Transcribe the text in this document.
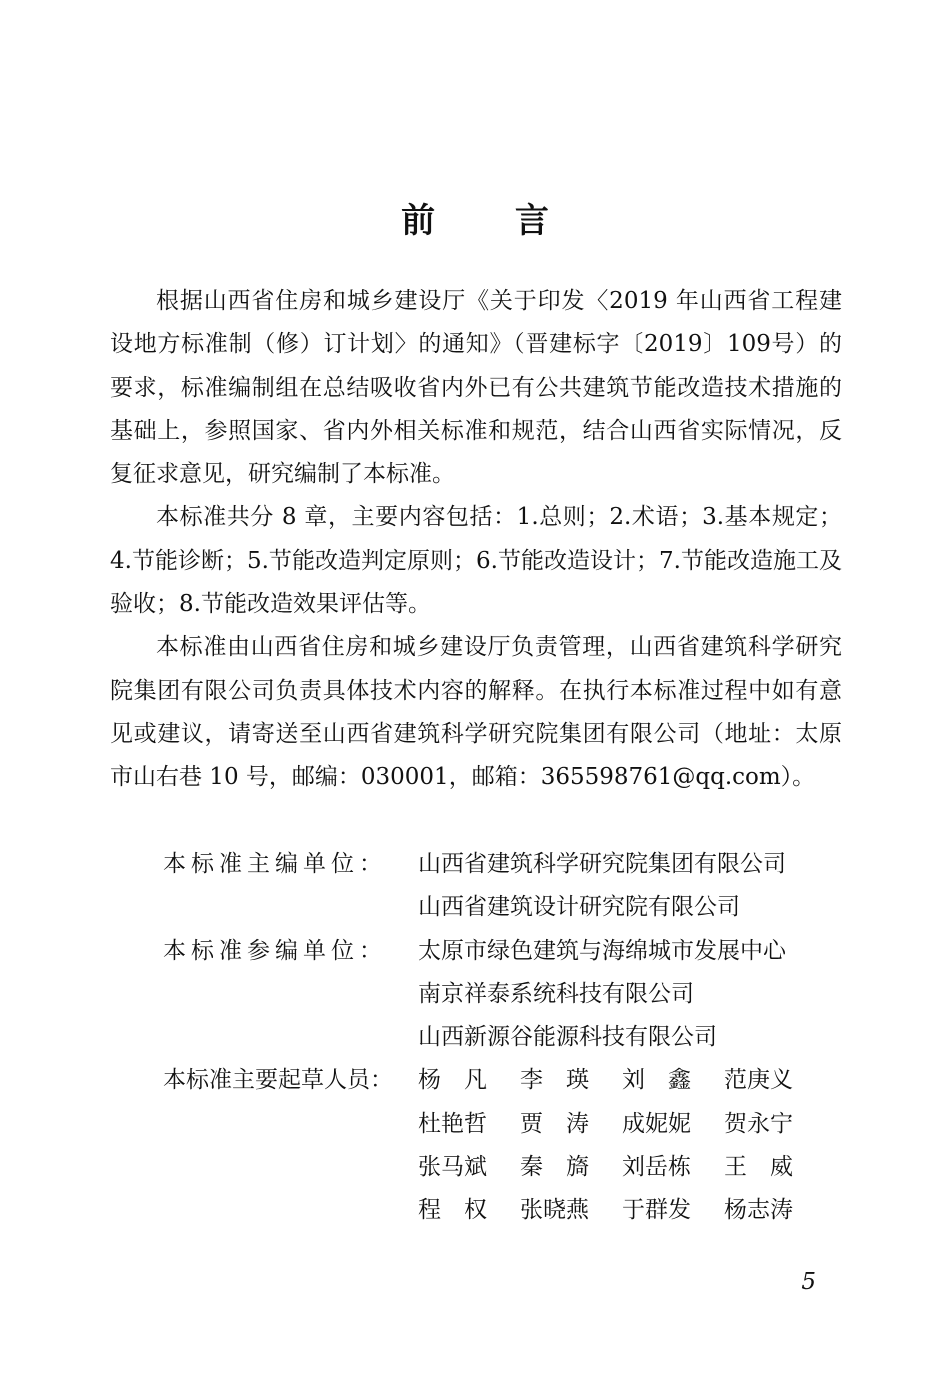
前 言

根据山西省住房和城乡建设厅《关于印发〈2019 年山西省工程建设地方标准制（修）订计划〉的通知》（晋建标字〔2019〕109号）的要求，标准编制组在总结吸收省内外已有公共建筑节能改造技术措施的基础上，参照国家、省内外相关标准和规范，结合山西省实际情况，反复征求意见，研究编制了本标准。

本标准共分 8 章，主要内容包括：1.总则；2.术语；3.基本规定；4.节能诊断；5.节能改造判定原则；6.节能改造设计；7.节能改造施工及验收；8.节能改造效果评估等。

本标准由山西省住房和城乡建设厅负责管理，山西省建筑科学研究院集团有限公司负责具体技术内容的解释。在执行本标准过程中如有意见或建议，请寄送至山西省建筑科学研究院集团有限公司（地址：太原市山右巷 10 号，邮编：030001，邮箱：365598761@qq.com）。

本标准主编单位：	山西省建筑科学研究院集团有限公司
山西省建筑设计研究院有限公司
本标准参编单位：	太原市绿色建筑与海绵城市发展中心
南京祥泰系统科技有限公司
山西新源谷能源科技有限公司
本标准主要起草人员：	杨　凡	李　瑛	刘　鑫	范庚义
杜艳哲	贾　涛	成妮妮	贺永宁
张马斌	秦　旖	刘岳栋	王　威
程　权	张晓燕	于群发	杨志涛
5
